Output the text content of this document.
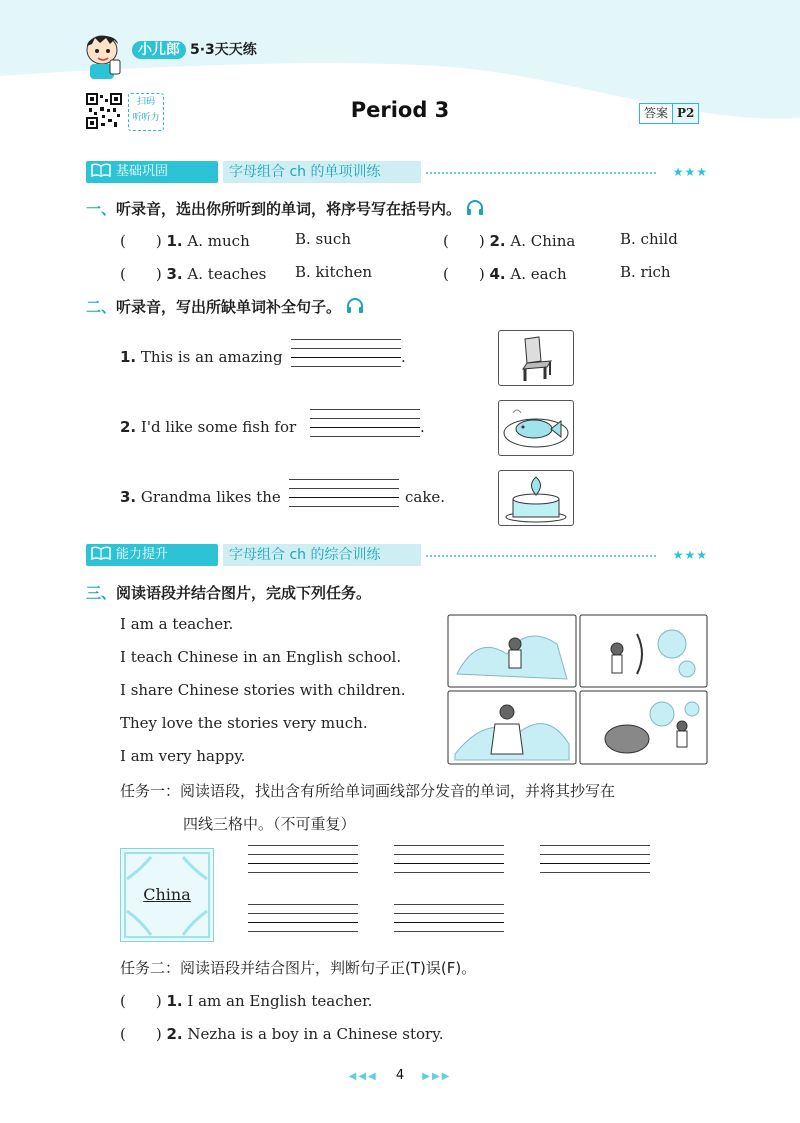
小儿郎 5·3天天练
扫码
听听力	Period 3	答案 P2
基础巩固	字母组合 ch 的单项训练	★★★
一、听录音，选出你所听到的单词，将序号写在括号内。
(　　) 1. A. much	B. such	(　　) 2. A. China	B. child
(　　) 3. A. teaches B. kitchen	(　　) 4. A. each	B. rich
二、听录音，写出所缺单词补全句子。
1. This is an amazing	.
2. I'd like some fish for	.
3. Grandma likes the	cake.
能力提升	字母组合 ch 的综合训练	★★★
三、阅读语段并结合图片，完成下列任务。
I am a teacher.
I teach Chinese in an English school.
I share Chinese stories with children.
They love the stories very much.
I am very happy.
任务一：阅读语段，找出含有所给单词画线部分发音的单词，并将其抄写在
四线三格中。（不可重复）
China
任务二：阅读语段并结合图片，判断句子正(T)误(F)。
(　　) 1. I am an English teacher.
(　　) 2. Nezha is a boy in a Chinese story.
◀◀◀ 4 ▶▶▶
